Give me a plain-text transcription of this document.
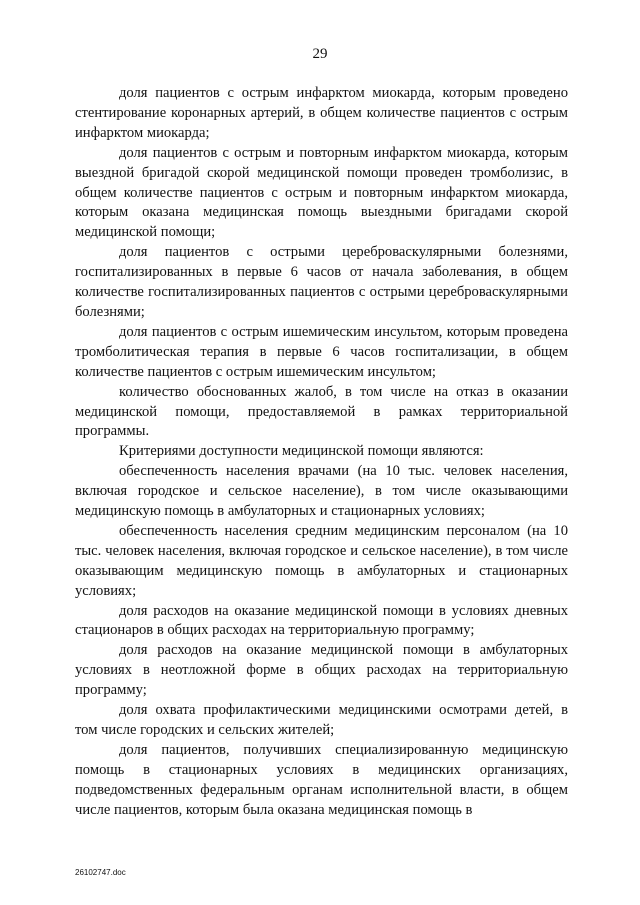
29

доля пациентов с острым инфарктом миокарда, которым проведено стентирование коронарных артерий, в общем количестве пациентов с острым инфарктом миокарда;

доля пациентов с острым и повторным инфарктом миокарда, которым выездной бригадой скорой медицинской помощи проведен тромболизис, в общем количестве пациентов с острым и повторным инфарктом миокарда, которым оказана медицинская помощь выездными бригадами скорой медицинской помощи;

доля пациентов с острыми цереброваскулярными болезнями, госпитализированных в первые 6 часов от начала заболевания, в общем количестве госпитализированных пациентов с острыми цереброваскулярными болезнями;

доля пациентов с острым ишемическим инсультом, которым проведена тромболитическая терапия в первые 6 часов госпитализации, в общем количестве пациентов с острым ишемическим инсультом;

количество обоснованных жалоб, в том числе на отказ в оказании медицинской помощи, предоставляемой в рамках территориальной программы.

Критериями доступности медицинской помощи являются:

обеспеченность населения врачами (на 10 тыс. человек населения, включая городское и сельское население), в том числе оказывающими медицинскую помощь в амбулаторных и стационарных условиях;

обеспеченность населения средним медицинским персоналом (на 10 тыс. человек населения, включая городское и сельское население), в том числе оказывающим медицинскую помощь в амбулаторных и стационарных условиях;

доля расходов на оказание медицинской помощи в условиях дневных стационаров в общих расходах на территориальную программу;

доля расходов на оказание медицинской помощи в амбулаторных условиях в неотложной форме в общих расходах на территориальную программу;

доля охвата профилактическими медицинскими осмотрами детей, в том числе городских и сельских жителей;

доля пациентов, получивших специализированную медицинскую помощь в стационарных условиях в медицинских организациях, подведомственных федеральным органам исполнительной власти, в общем числе пациентов, которым была оказана медицинская помощь в

26102747.doc
